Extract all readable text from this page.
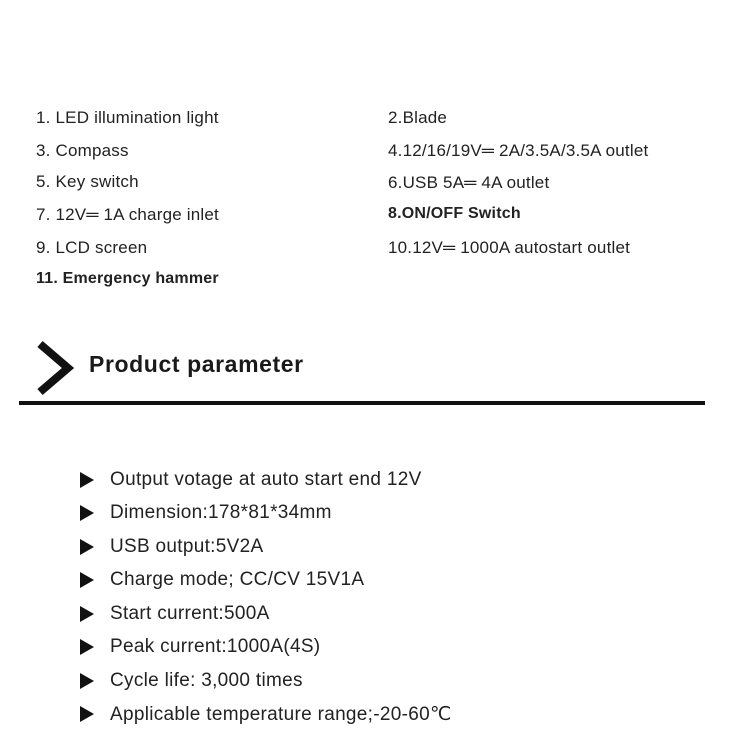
1. LED illumination light	2.Blade
3. Compass	4.12/16/19V═ 2A/3.5A/3.5A outlet
5. Key switch	6.USB 5A═ 4A outlet
7. 12V═ 1A charge inlet	8.ON/OFF Switch
9. LCD screen	10.12V═ 1000A autostart outlet
11. Emergency hammer
Product parameter
Output votage at auto start end 12V
Dimension:178*81*34mm
USB output:5V2A
Charge mode; CC/CV 15V1A
Start current:500A
Peak current:1000A(4S)
Cycle life: 3,000 times
Applicable temperature range;-20-60℃
